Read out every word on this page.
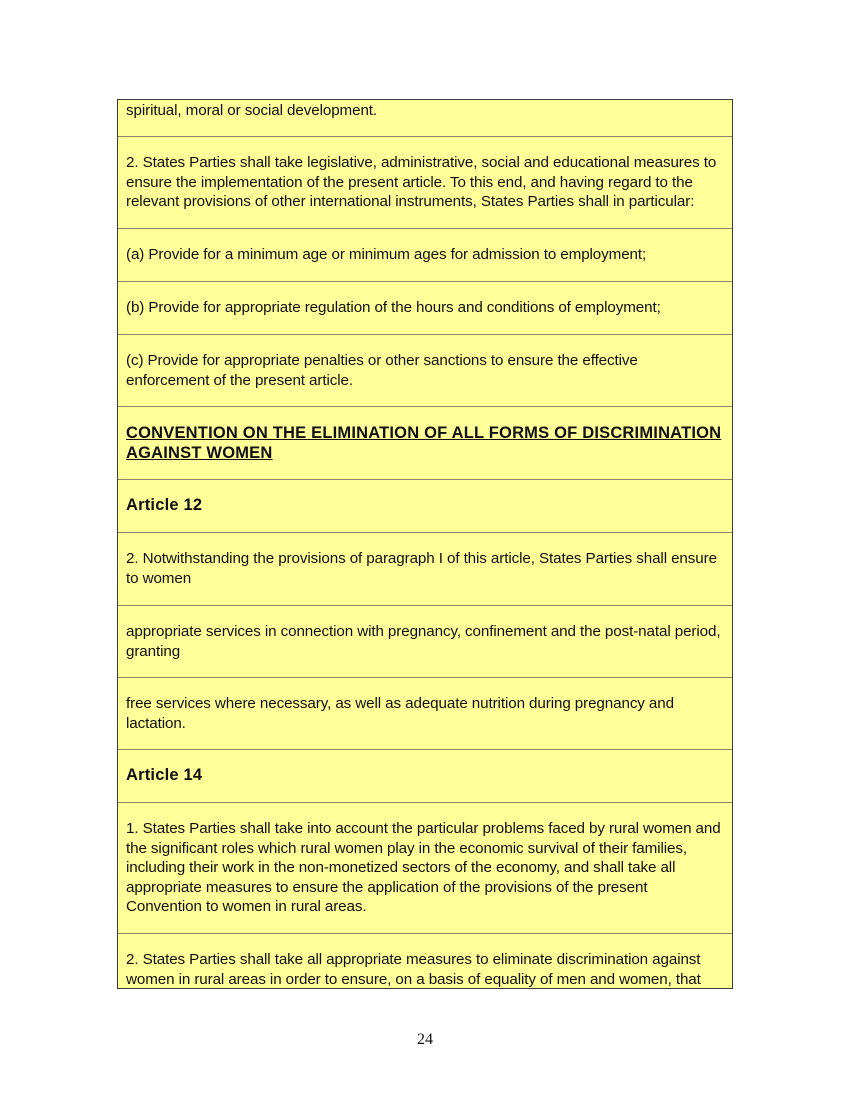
spiritual, moral or social development.
2. States Parties shall take legislative, administrative, social and educational measures to ensure the implementation of the present article. To this end, and having regard to the relevant provisions of other international instruments, States Parties shall in particular:
(a) Provide for a minimum age or minimum ages for admission to employment;
(b) Provide for appropriate regulation of the hours and conditions of employment;
(c) Provide for appropriate penalties or other sanctions to ensure the effective enforcement of the present article.
CONVENTION ON THE ELIMINATION OF ALL FORMS OF DISCRIMINATION AGAINST WOMEN
Article 12
2. Notwithstanding the provisions of paragraph I of this article, States Parties shall ensure to women
appropriate services in connection with pregnancy, confinement and the post-natal period, granting
free services where necessary, as well as adequate nutrition during pregnancy and lactation.
Article 14
1. States Parties shall take into account the particular problems faced by rural women and the significant roles which rural women play in the economic survival of their families, including their work in the non-monetized sectors of the economy, and shall take all appropriate measures to ensure the application of the provisions of the present Convention to women in rural areas.
2. States Parties shall take all appropriate measures to eliminate discrimination against women in rural areas in order to ensure, on a basis of equality of men and women, that
24
